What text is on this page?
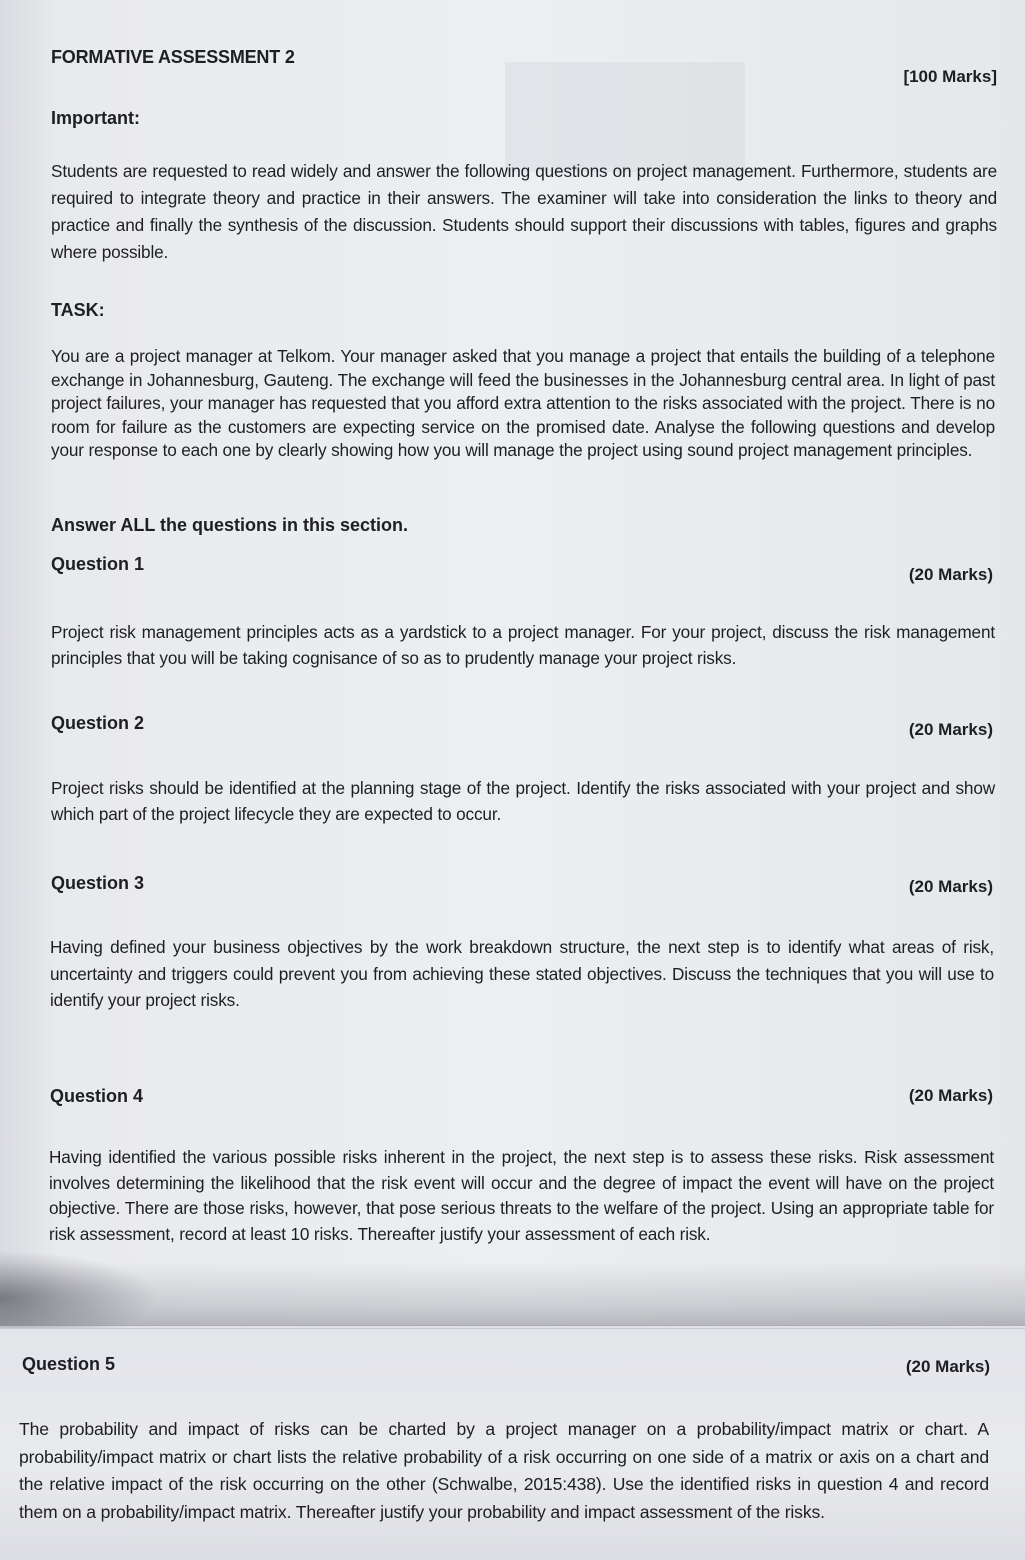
FORMATIVE ASSESSMENT 2
[100 Marks]
Important:
Students are requested to read widely and answer the following questions on project management. Furthermore, students are required to integrate theory and practice in their answers. The examiner will take into consideration the links to theory and practice and finally the synthesis of the discussion. Students should support their discussions with tables, figures and graphs where possible.
TASK:
You are a project manager at Telkom. Your manager asked that you manage a project that entails the building of a telephone exchange in Johannesburg, Gauteng. The exchange will feed the businesses in the Johannesburg central area. In light of past project failures, your manager has requested that you afford extra attention to the risks associated with the project. There is no room for failure as the customers are expecting service on the promised date. Analyse the following questions and develop your response to each one by clearly showing how you will manage the project using sound project management principles.
Answer ALL the questions in this section.
Question 1
(20 Marks)
Project risk management principles acts as a yardstick to a project manager. For your project, discuss the risk management principles that you will be taking cognisance of so as to prudently manage your project risks.
Question 2	(20 Marks)
Project risks should be identified at the planning stage of the project. Identify the risks associated with your project and show which part of the project lifecycle they are expected to occur.
Question 3	(20 Marks)
Having defined your business objectives by the work breakdown structure, the next step is to identify what areas of risk, uncertainty and triggers could prevent you from achieving these stated objectives. Discuss the techniques that you will use to identify your project risks.
Question 4	(20 Marks)
Having identified the various possible risks inherent in the project, the next step is to assess these risks. Risk assessment involves determining the likelihood that the risk event will occur and the degree of impact the event will have on the project objective. There are those risks, however, that pose serious threats to the welfare of the project. Using an appropriate table for risk assessment, record at least 10 risks. Thereafter justify your assessment of each risk.
Question 5	(20 Marks)
The probability and impact of risks can be charted by a project manager on a probability/impact matrix or chart. A probability/impact matrix or chart lists the relative probability of a risk occurring on one side of a matrix or axis on a chart and the relative impact of the risk occurring on the other (Schwalbe, 2015:438). Use the identified risks in question 4 and record them on a probability/impact matrix. Thereafter justify your probability and impact assessment of the risks.
